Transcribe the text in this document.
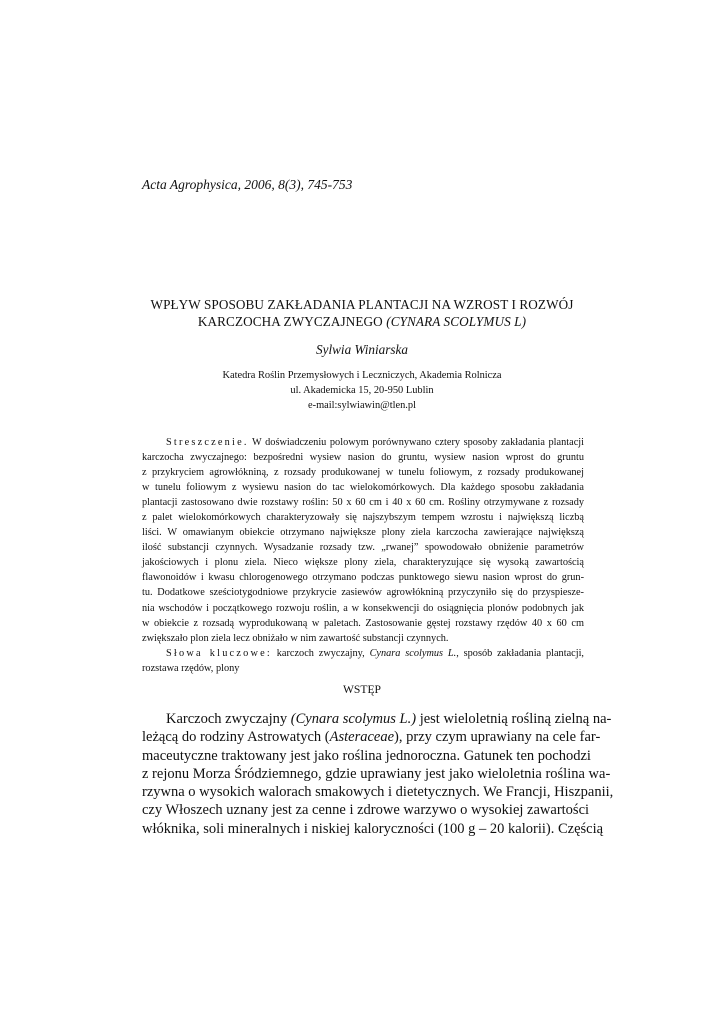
Acta Agrophysica, 2006, 8(3), 745-753
WPŁYW SPOSOBU ZAKŁADANIA PLANTACJI NA WZROST I ROZWÓJ
KARCZOCHA ZWYCZAJNEGO (CYNARA SCOLYMUS L)
Sylwia Winiarska
Katedra Roślin Przemysłowych i Leczniczych, Akademia Rolnicza
ul. Akademicka 15, 20-950 Lublin
e-mail:sylwiawin@tlen.pl
Streszczenie. W doświadczeniu polowym porównywano cztery sposoby zakładania plantacji
karczocha zwyczajnego: bezpośredni wysiew nasion do gruntu, wysiew nasion wprost do gruntu
z przykryciem agrowłókniną, z rozsady produkowanej w tunelu foliowym, z rozsady produkowanej
w tunelu foliowym z wysiewu nasion do tac wielokomórkowych. Dla każdego sposobu zakładania
plantacji zastosowano dwie rozstawy roślin: 50 x 60 cm i 40 x 60 cm. Rośliny otrzymywane z rozsady
z palet wielokomórkowych charakteryzowały się najszybszym tempem wzrostu i największą liczbą
liści. W omawianym obiekcie otrzymano największe plony ziela karczocha zawierające największą
ilość substancji czynnych. Wysadzanie rozsady tzw. „rwanej” spowodowało obniżenie parametrów
jakościowych i plonu ziela. Nieco większe plony ziela, charakteryzujące się wysoką zawartością
flawonoidów i kwasu chlorogenowego otrzymano podczas punktowego siewu nasion wprost do grun-
tu. Dodatkowe sześciotygodniowe przykrycie zasiewów agrowłókniną przyczyniło się do przyspiesze-
nia wschodów i początkowego rozwoju roślin, a w konsekwencji do osiągnięcia plonów podobnych jak
w obiekcie z rozsadą wyprodukowaną w paletach. Zastosowanie gęstej rozstawy rzędów 40 x 60 cm
zwiększało plon ziela lecz obniżało w nim zawartość substancji czynnych.
Słowa kluczowe: karczoch zwyczajny, Cynara scolymus L., sposób zakładania plantacji,
rozstawa rzędów, plony
WSTĘP
Karczoch zwyczajny (Cynara scolymus L.) jest wieloletnią rośliną zielną na-
leżącą do rodziny Astrowatych (Asteraceae), przy czym uprawiany na cele far-
maceutyczne traktowany jest jako roślina jednoroczna. Gatunek ten pochodzi
z rejonu Morza Śródziemnego, gdzie uprawiany jest jako wieloletnia roślina wa-
rzywna o wysokich walorach smakowych i dietetycznych. We Francji, Hiszpanii,
czy Włoszech uznany jest za cenne i zdrowe warzywo o wysokiej zawartości
włóknika, soli mineralnych i niskiej kaloryczności (100 g – 20 kalorii). Częścią
